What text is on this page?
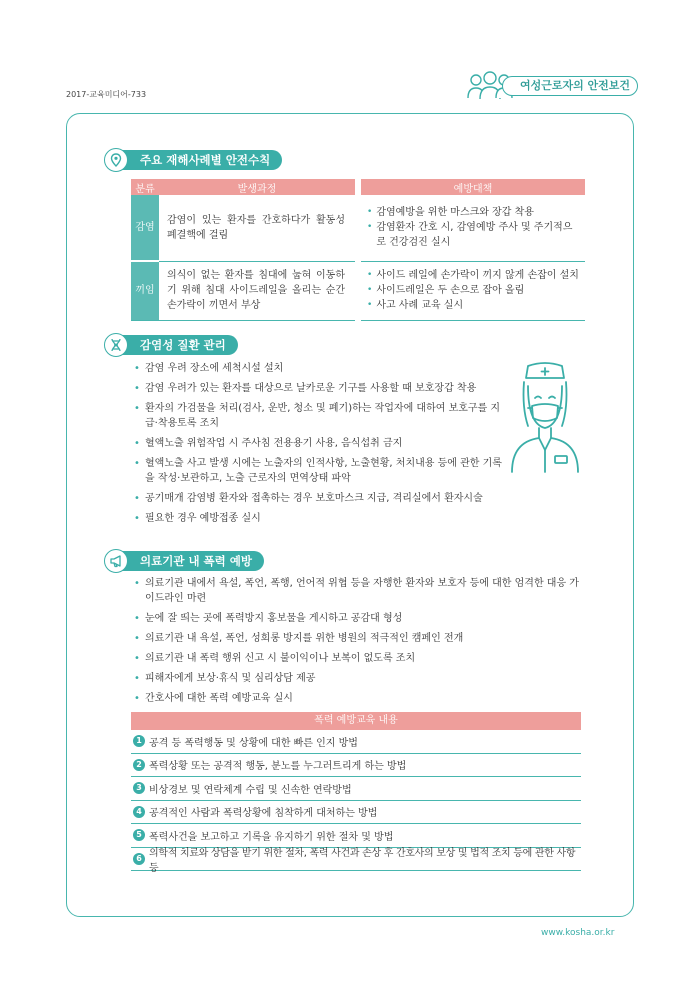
2017-교육미디어-733
여성근로자의 안전보건
주요 재해사례별 안전수칙
분류	발생과정		예방대책
감염	감염이 있는 환자를 간호하다가 활동성 폐결핵에 걸림		• 감염예방을 위한 마스크와 장갑 착용
• 감염환자 간호 시, 감염예방 주사 및 주기적으로 건강검진 실시

끼임	의식이 없는 환자를 침대에 눕혀 이동하기 위해 침대 사이드레일을 올리는 순간 손가락이 끼면서 부상		• 사이드 레일에 손가락이 끼지 않게 손잡이 설치
• 사이드레일은 두 손으로 잡아 올림
• 사고 사례 교육 실시
감염성 질환 관리
• 감염 우려 장소에 세척시설 설치
• 감염 우려가 있는 환자를 대상으로 날카로운 기구를 사용할 때 보호장갑 착용
• 환자의 가검물을 처리(검사, 운반, 청소 및 폐기)하는 작업자에 대하여 보호구를 지급·착용토록 조치
• 혈액노출 위험작업 시 주사침 전용용기 사용, 음식섭취 금지
• 혈액노출 사고 발생 시에는 노출자의 인적사항, 노출현황, 처치내용 등에 관한 기록을 작성·보관하고, 노출 근로자의 면역상태 파악
• 공기매개 감염병 환자와 접촉하는 경우 보호마스크 지급, 격리실에서 환자시술
• 필요한 경우 예방접종 실시
의료기관 내 폭력 예방
• 의료기관 내에서 욕설, 폭언, 폭행, 언어적 위협 등을 자행한 환자와 보호자 등에 대한 엄격한 대응 가이드라인 마련
• 눈에 잘 띄는 곳에 폭력방지 홍보물을 게시하고 공감대 형성
• 의료기관 내 욕설, 폭언, 성희롱 방지를 위한 병원의 적극적인 캠페인 전개
• 의료기관 내 폭력 행위 신고 시 불이익이나 보복이 없도록 조치
• 피해자에게 보상·휴식 및 심리상담 제공
• 간호사에 대한 폭력 예방교육 실시
폭력 예방교육 내용
1 공격 등 폭력행동 및 상황에 대한 빠른 인지 방법
2 폭력상황 또는 공격적 행동, 분노를 누그러트리게 하는 방법
3 비상경보 및 연락체계 수립 및 신속한 연락방법
4 공격적인 사람과 폭력상황에 침착하게 대처하는 방법
5 폭력사건을 보고하고 기록을 유지하기 위한 절차 및 방법
6 의학적 치료와 상담을 받기 위한 절차, 폭력 사건과 손상 후 간호사의 보상 및 법적 조치 등에 관한 사항 등
www.kosha.or.kr
